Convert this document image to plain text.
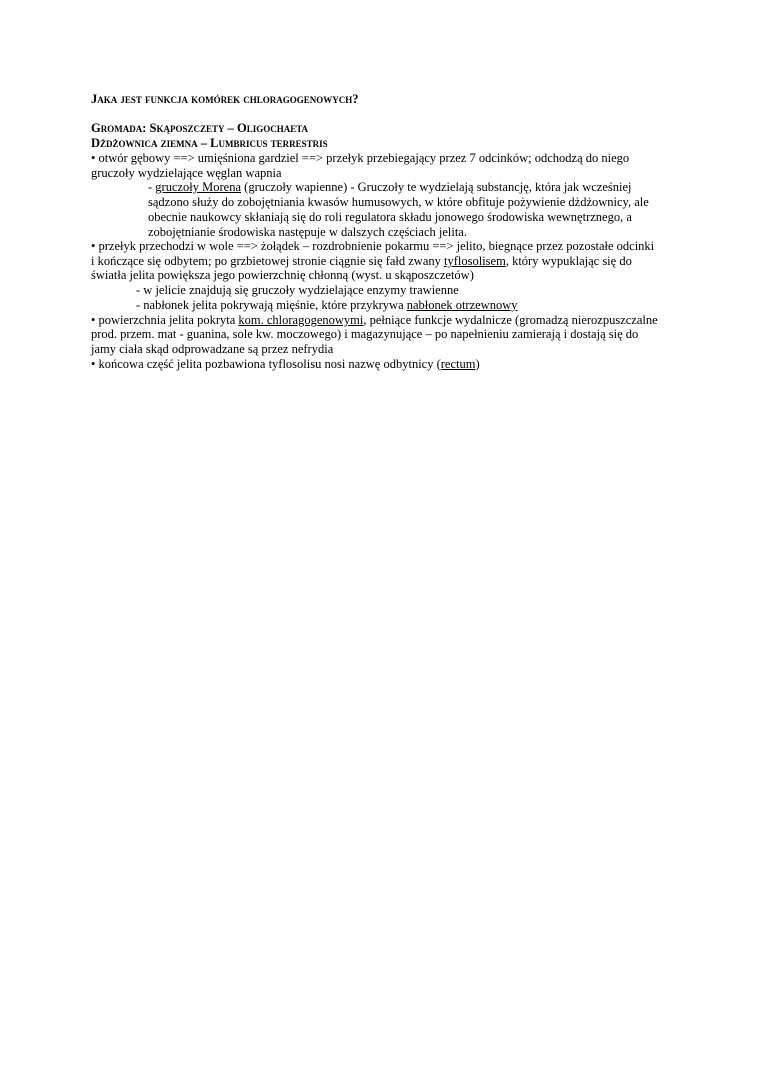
Jaka jest funkcja komórek chloragogenowych?
Gromada: Skąposzczety – Oligochaeta
Dżdżownica ziemna – Lumbricus terrestris
• otwór gębowy ==> umięśniona gardziel ==> przełyk przebiegający przez 7 odcinków; odchodzą do niego
gruczoły wydzielające węglan wapnia
- gruczoły Morena (gruczoły wapienne) - Gruczoły te wydzielają substancję, która jak wcześniej
sądzono służy do zobojętniania kwasów humusowych, w które obfituje pożywienie dżdżownicy, ale
obecnie naukowcy skłaniają się do roli regulatora składu jonowego środowiska wewnętrznego, a
zobojętnianie środowiska następuje w dalszych częściach jelita.
• przełyk przechodzi w wole ==> żołądek – rozdrobnienie pokarmu ==> jelito, biegnące przez pozostałe odcinki
i kończące się odbytem; po grzbietowej stronie ciągnie się fałd zwany tyflosolisem, który wypuklając się do
światła jelita powiększa jego powierzchnię chłonną (wyst. u skąposzczetów)
- w jelicie znajdują się gruczoły wydzielające enzymy trawienne
- nabłonek jelita pokrywają mięśnie, które przykrywa nabłonek otrzewnowy
• powierzchnia jelita pokryta kom. chloragogenowymi, pełniące funkcje wydalnicze (gromadzą nierozpuszczalne
prod. przem. mat - guanina, sole kw. moczowego) i magazynujące – po napełnieniu zamierają i dostają się do
jamy ciała skąd odprowadzane są przez nefrydia
• końcowa część jelita pozbawiona tyflosolisu nosi nazwę odbytnicy (rectum)
